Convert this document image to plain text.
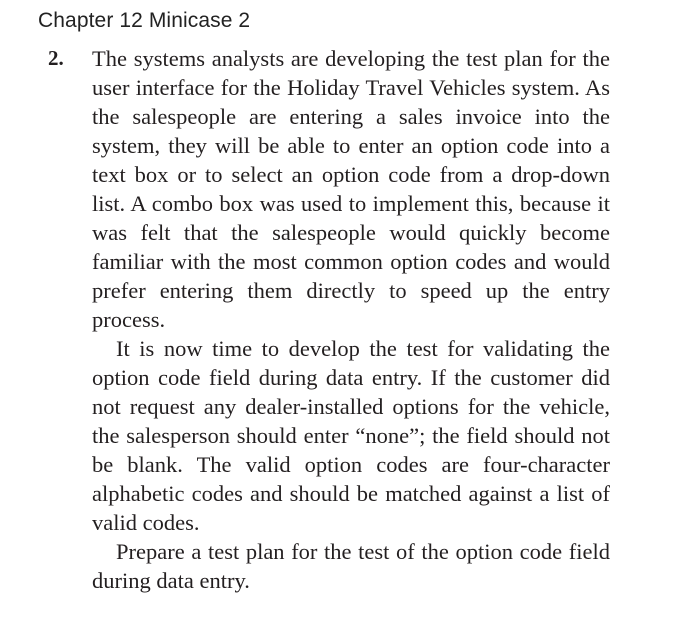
Chapter 12 Minicase 2
2. The systems analysts are developing the test plan for the user interface for the Holiday Travel Vehicles system. As the salespeople are entering a sales invoice into the system, they will be able to enter an option code into a text box or to select an option code from a drop-down list. A combo box was used to implement this, because it was felt that the salespeople would quickly become familiar with the most common option codes and would prefer entering them directly to speed up the entry process.

It is now time to develop the test for validating the option code field during data entry. If the customer did not request any dealer-installed options for the vehicle, the salesperson should enter “none”; the field should not be blank. The valid option codes are four-character alphabetic codes and should be matched against a list of valid codes.

Prepare a test plan for the test of the option code field during data entry.
